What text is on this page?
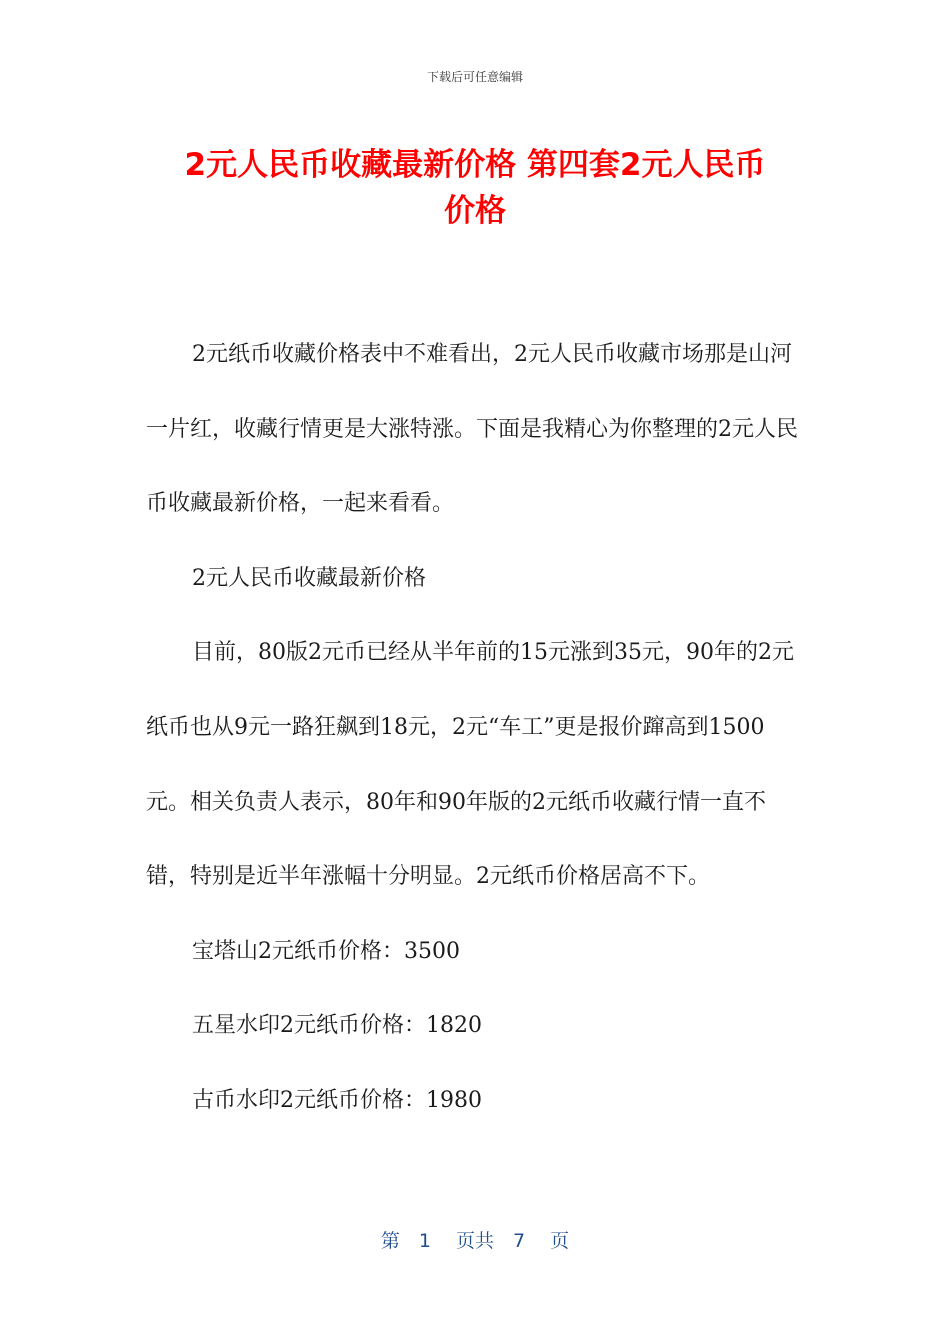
下载后可任意编辑
2元人民币收藏最新价格 第四套2元人民币
价格

2元纸币收藏价格表中不难看出，2元人民币收藏市场那是山河一片红，收藏行情更是大涨特涨。下面是我精心为你整理的2元人民币收藏最新价格，一起来看看。

2元人民币收藏最新价格

目前，80版2元币已经从半年前的15元涨到35元，90年的2元纸币也从9元一路狂飙到18元，2元“车工”更是报价蹿高到1500元。相关负责人表示，80年和90年版的2元纸币收藏行情一直不错，特别是近半年涨幅十分明显。2元纸币价格居高不下。

宝塔山2元纸币价格：3500

五星水印2元纸币价格：1820

古币水印2元纸币价格：1980

第　1　 页共　7　 页
